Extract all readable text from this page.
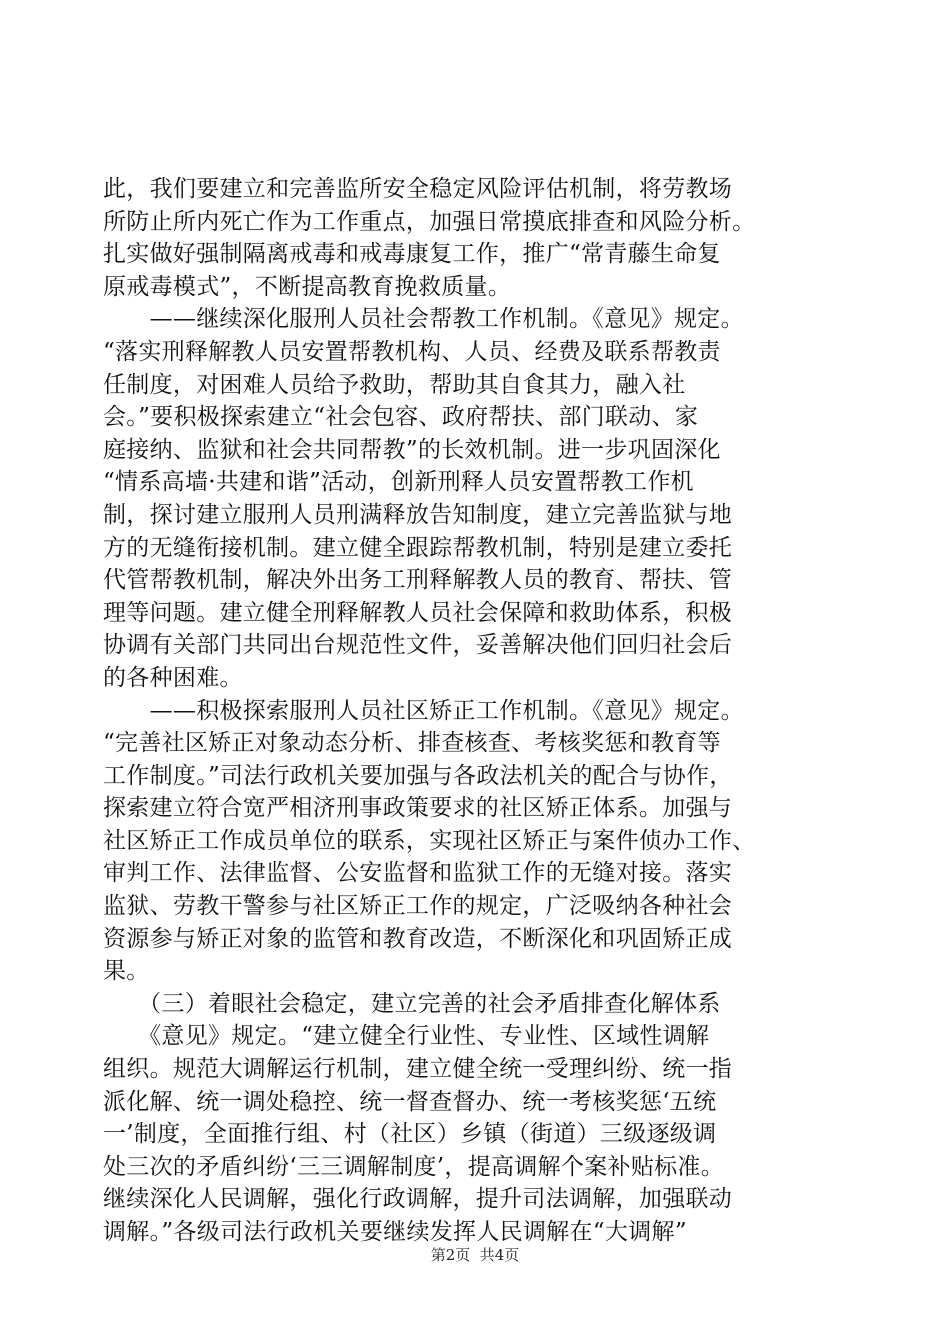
此，我们要建立和完善监所安全稳定风险评估机制，将劳教场
所防止所内死亡作为工作重点，加强日常摸底排查和风险分析。
扎实做好强制隔离戒毒和戒毒康复工作，推广“常青藤生命复
原戒毒模式”，不断提高教育挽救质量。
　　——继续深化服刑人员社会帮教工作机制。《意见》规定。
“落实刑释解教人员安置帮教机构、人员、经费及联系帮教责
任制度，对困难人员给予救助，帮助其自食其力，融入社
会。”要积极探索建立“社会包容、政府帮扶、部门联动、家
庭接纳、监狱和社会共同帮教”的长效机制。进一步巩固深化
“情系高墙·共建和谐”活动，创新刑释人员安置帮教工作机
制，探讨建立服刑人员刑满释放告知制度，建立完善监狱与地
方的无缝衔接机制。建立健全跟踪帮教机制，特别是建立委托
代管帮教机制，解决外出务工刑释解教人员的教育、帮扶、管
理等问题。建立健全刑释解教人员社会保障和救助体系，积极
协调有关部门共同出台规范性文件，妥善解决他们回归社会后
的各种困难。
　　——积极探索服刑人员社区矫正工作机制。《意见》规定。
“完善社区矫正对象动态分析、排查核查、考核奖惩和教育等
工作制度。”司法行政机关要加强与各政法机关的配合与协作，
探索建立符合宽严相济刑事政策要求的社区矫正体系。加强与
社区矫正工作成员单位的联系，实现社区矫正与案件侦办工作、
审判工作、法律监督、公安监督和监狱工作的无缝对接。落实
监狱、劳教干警参与社区矫正工作的规定，广泛吸纳各种社会
资源参与矫正对象的监管和教育改造，不断深化和巩固矫正成
果。
　　（三）着眼社会稳定，建立完善的社会矛盾排查化解体系
　　《意见》规定。“建立健全行业性、专业性、区域性调解
组织。规范大调解运行机制，建立健全统一受理纠纷、统一指
派化解、统一调处稳控、统一督查督办、统一考核奖惩‘五统
一’制度，全面推行组、村（社区）乡镇（街道）三级逐级调
处三次的矛盾纠纷‘三三调解制度’，提高调解个案补贴标准。
继续深化人民调解，强化行政调解，提升司法调解，加强联动
调解。”各级司法行政机关要继续发挥人民调解在“大调解”
第2页  共4页
